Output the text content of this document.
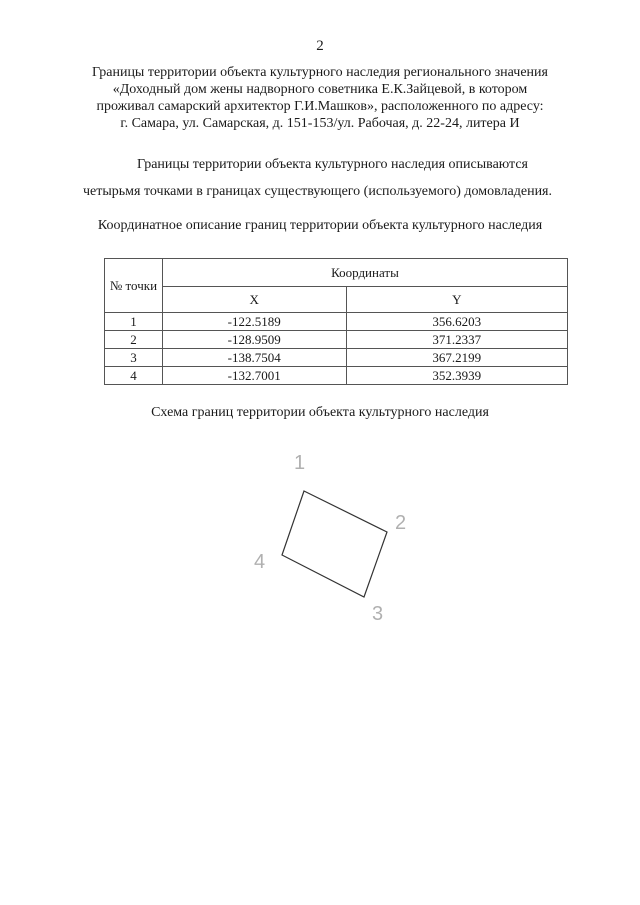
2
Границы территории объекта культурного наследия регионального значения
«Доходный дом жены надворного советника Е.К.Зайцевой, в котором
проживал самарский архитектор Г.И.Машков», расположенного по адресу:
г. Самара, ул. Самарская, д. 151-153/ул. Рабочая, д. 22-24, литера И
Границы территории объекта культурного наследия описываются
четырьмя точками в границах существующего (используемого) домовладения.
Координатное описание границ территории объекта культурного наследия
№ точки	Координаты	
	X	Y
1	-122.5189	356.6203
2	-128.9509	371.2337
3	-138.7504	367.2199
4	-132.7001	352.3939
Схема границ территории объекта культурного наследия
1
2
3
4
